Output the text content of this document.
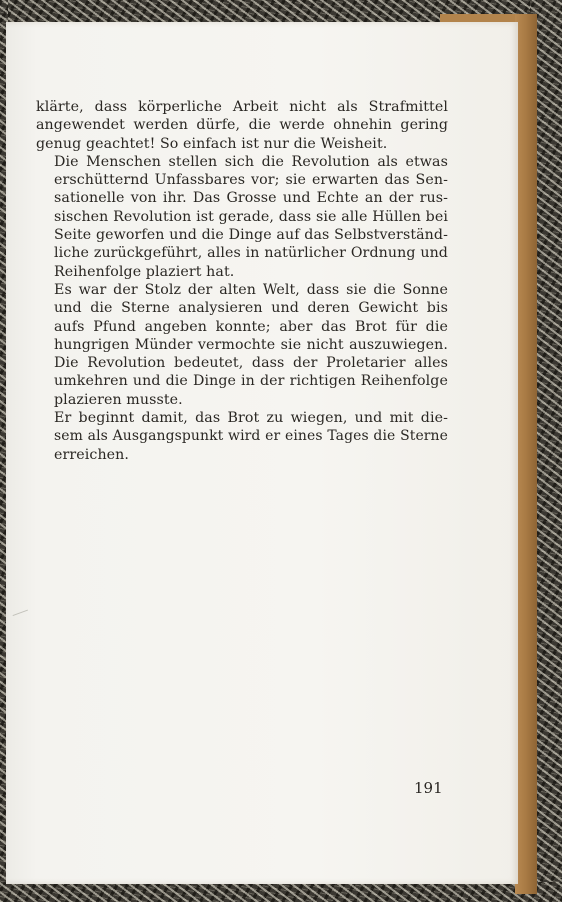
klärte, dass körperliche Arbeit nicht als Strafmittel
angewendet werden dürfe, die werde ohnehin gering
genug geachtet! So einfach ist nur die Weisheit.

Die Menschen stellen sich die Revolution als etwas
erschütternd Unfassbares vor; sie erwarten das Sen-
sationelle von ihr. Das Grosse und Echte an der rus-
sischen Revolution ist gerade, dass sie alle Hüllen bei
Seite geworfen und die Dinge auf das Selbstverständ-
liche zurückgeführt, alles in natürlicher Ordnung und
Reihenfolge plaziert hat.

Es war der Stolz der alten Welt, dass sie die Sonne
und die Sterne analysieren und deren Gewicht bis
aufs Pfund angeben konnte; aber das Brot für die
hungrigen Münder vermochte sie nicht auszuwiegen.
Die Revolution bedeutet, dass der Proletarier alles
umkehren und die Dinge in der richtigen Reihenfolge
plazieren musste.

Er beginnt damit, das Brot zu wiegen, und mit die-
sem als Ausgangspunkt wird er eines Tages die Sterne
erreichen.

191
